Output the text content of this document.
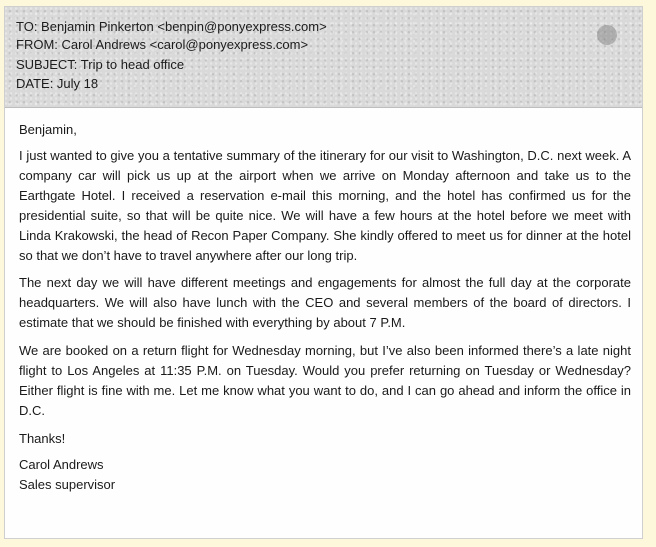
TO: Benjamin Pinkerton <benpin@ponyexpress.com>
FROM: Carol Andrews <carol@ponyexpress.com>
SUBJECT: Trip to head office
DATE: July 18

Benjamin,

I just wanted to give you a tentative summary of the itinerary for our visit to Washington, D.C. next week. A company car will pick us up at the airport when we arrive on Monday afternoon and take us to the Earthgate Hotel. I received a reservation e-mail this morning, and the hotel has confirmed us for the presidential suite, so that will be quite nice. We will have a few hours at the hotel before we meet with Linda Krakowski, the head of Recon Paper Company. She kindly offered to meet us for dinner at the hotel so that we don’t have to travel anywhere after our long trip.

The next day we will have different meetings and engagements for almost the full day at the corporate headquarters. We will also have lunch with the CEO and several members of the board of directors. I estimate that we should be finished with everything by about 7 P.M.

We are booked on a return flight for Wednesday morning, but I’ve also been informed there’s a late night flight to Los Angeles at 11:35 P.M. on Tuesday. Would you prefer returning on Tuesday or Wednesday? Either flight is fine with me. Let me know what you want to do, and I can go ahead and inform the office in D.C.

Thanks!

Carol Andrews

Sales supervisor
